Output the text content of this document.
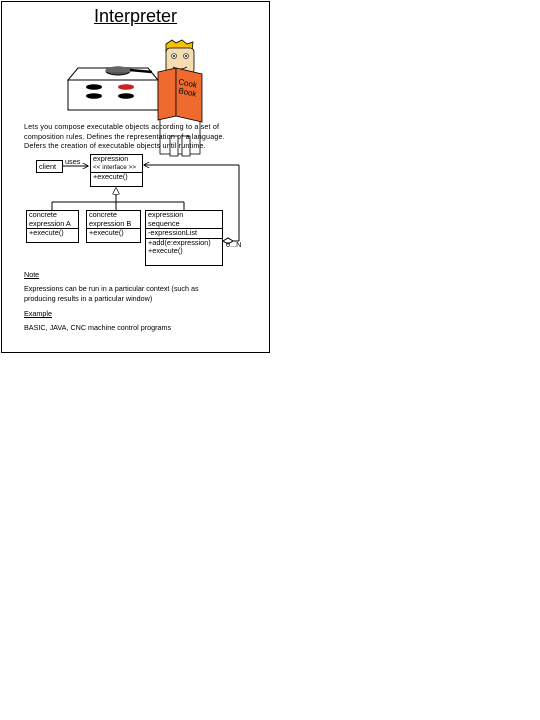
Interpreter
Cook
Book
Lets you compose executable objects according to a set of
composition rules. Defines the representation of a language.
Defers the creation of executable objects until runtime.
client
uses expression
<< interface >>
+execute()
concrete
expression A
+execute()
concrete
expression B
+execute()
expression
sequence
-expressionList
+add(e:expression)
+execute()
0...N
Note
Expressions can be run in a particular context (such as
producing results in a particular window)
Example
BASIC, JAVA, CNC machine control programs
